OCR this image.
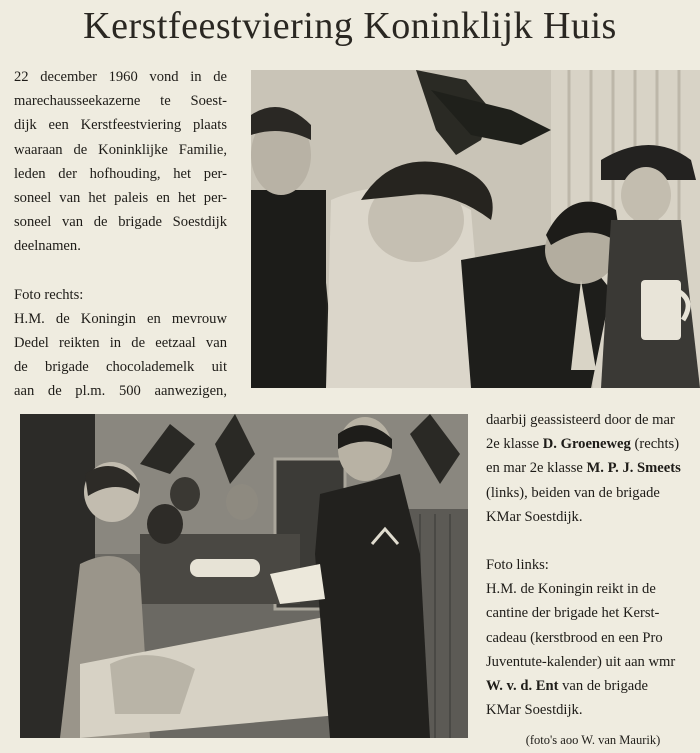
Kerstfeestviering Koninklijk Huis
22 december 1960 vond in de
marechausseekazerne te Soest-
dijk een Kerstfeestviering plaats
waaraan de Koninklijke Familie,
leden der hofhouding, het per-
soneel van het paleis en het per-
soneel van de brigade Soestdijk
deelnamen.
Foto rechts:
H.M. de Koningin en mevrouw
Dedel reikten in de eetzaal van
de brigade chocolademelk uit
aan de pl.m. 500 aanwezigen,
daarbij geassisteerd door de mar
2e klasse D. Groeneweg (rechts)
en mar 2e klasse M. P. J. Smeets
(links), beiden van de brigade
KMar Soestdijk.
Foto links:
H.M. de Koningin reikt in de
cantine der brigade het Kerst-
cadeau (kerstbrood en een Pro
Juventute-kalender) uit aan wmr
W. v. d. Ent van de brigade
KMar Soestdijk.
(foto's aoo W. van Maurik)
